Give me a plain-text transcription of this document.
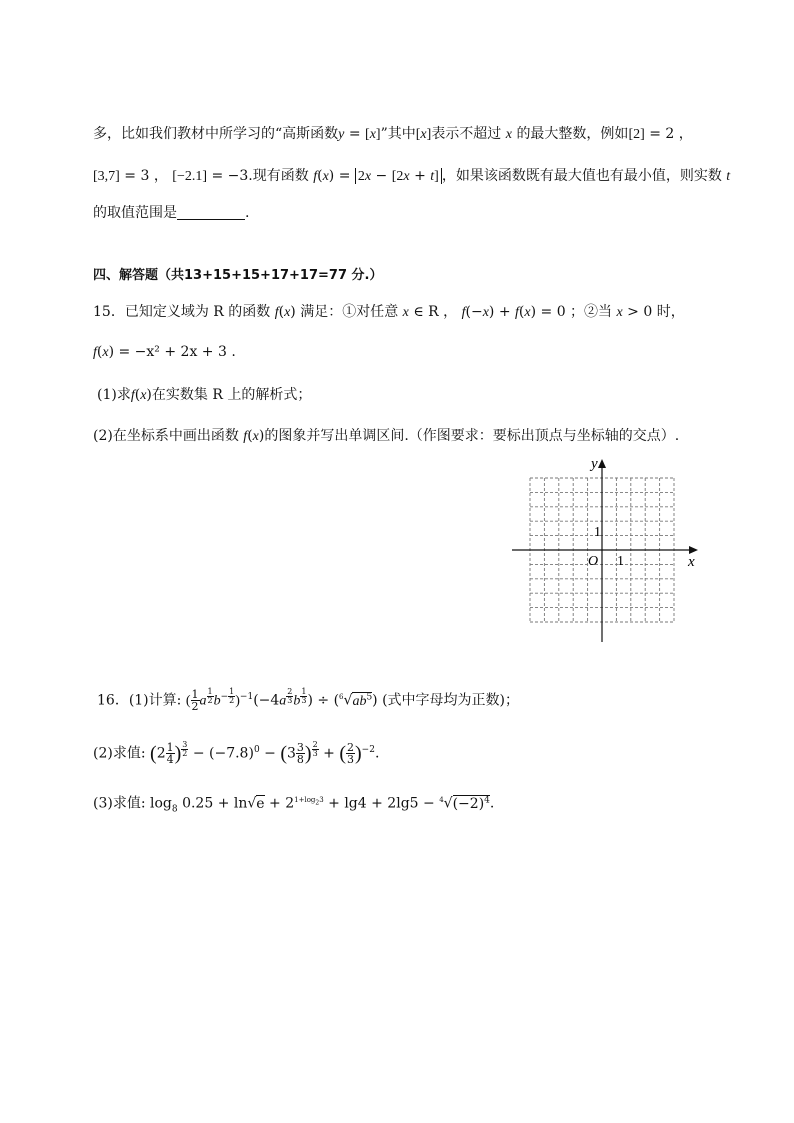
多，比如我们教材中所学习的“高斯函数y = [x]”其中[x]表示不超过 x 的最大整数，例如[2] = 2 ，
[3,7] = 3 ， [−2.1] = −3.现有函数 f(x) = 2x − [2x + t] ，如果该函数既有最大值也有最小值，则实数 t
的取值范围是	.
四、解答题（共13+15+15+17+17=77 分.）
15．已知定义域为 R 的函数 f(x) 满足：①对任意 x ∈ R ， f(−x) + f(x) = 0 ；②当 x > 0 时，
f(x) = −x² + 2x + 3 .
(1)求f(x)在实数集 R 上的解析式；
(2)在坐标系中画出函数 f(x)的图象并写出单调区间.（作图要求：要标出顶点与坐标轴的交点）.
y
x
O 1
1
16．(1)计算: ( $\frac{1}{2}$ a $^{\frac{1}{2}}$ $b^{- \frac{1}{2}}$ )$^{-1}$(−4a $^{\frac{2}{3}}$ b $^{\frac{1}{3}}$ ) ÷ $(^6√ab^5)$ (式中字母均为正数)；
(2)求值: ($2 \frac{1}{4}$ ) $^{\frac{3}{2}} - (-7.8)^0 - (3 \frac{3}{8}$ ) $^{\frac{2}{3}}$ + ( $\frac{2}{3} )^{-2}$.
(3)求值: $\log_8 0.25 + \ln√e + 2^{1+log_23} + \lg 4 + 2\lg 5 - ^4√(-2)^4$.
